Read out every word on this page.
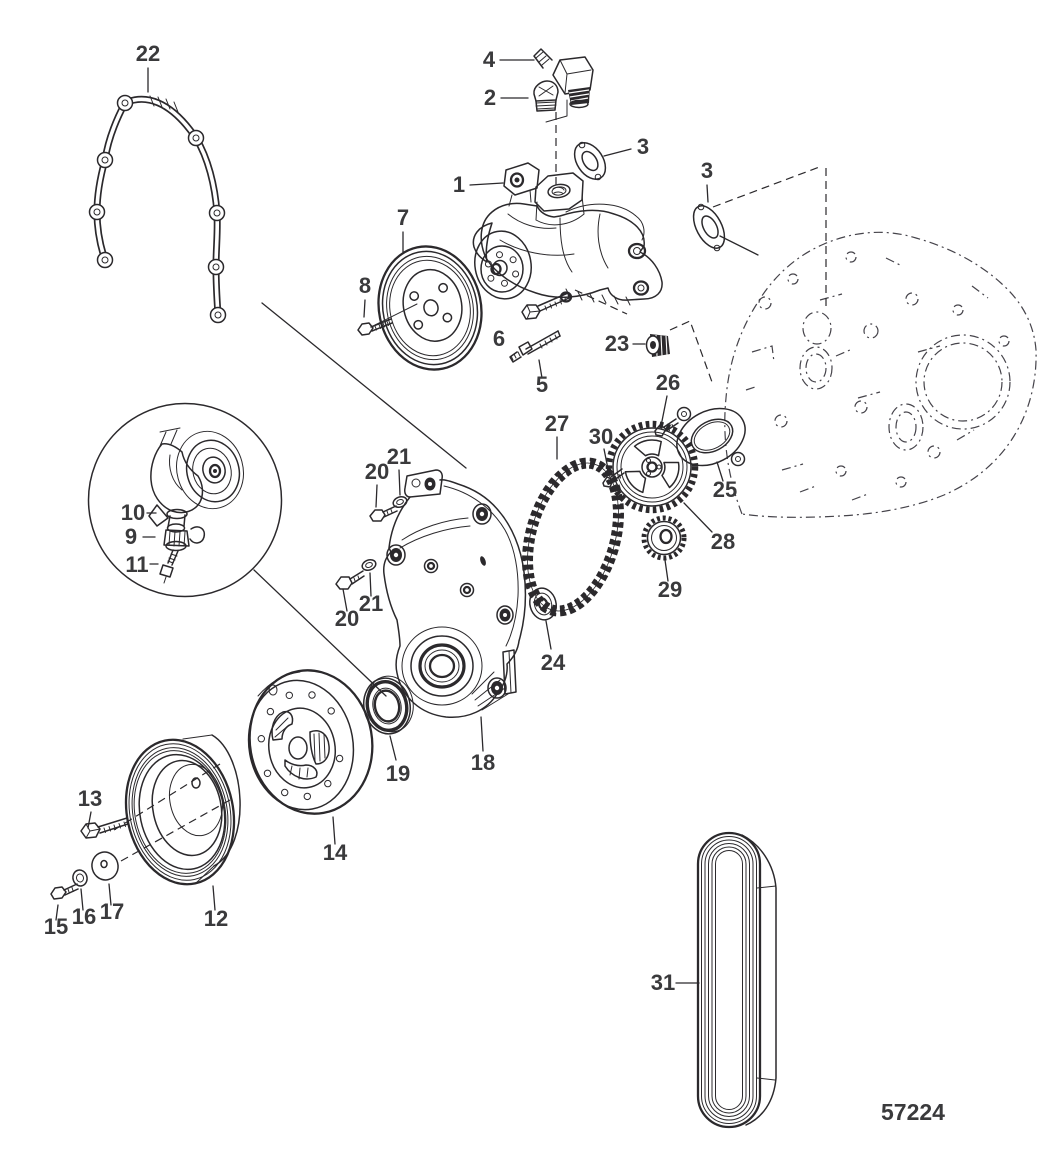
22	4
2
3
3
1
7
8
6
5
23
26
27
30
25
28
29
24
10
9
11
21
20
21
20
19	18
13
14
12
15 16 17
31
57224
